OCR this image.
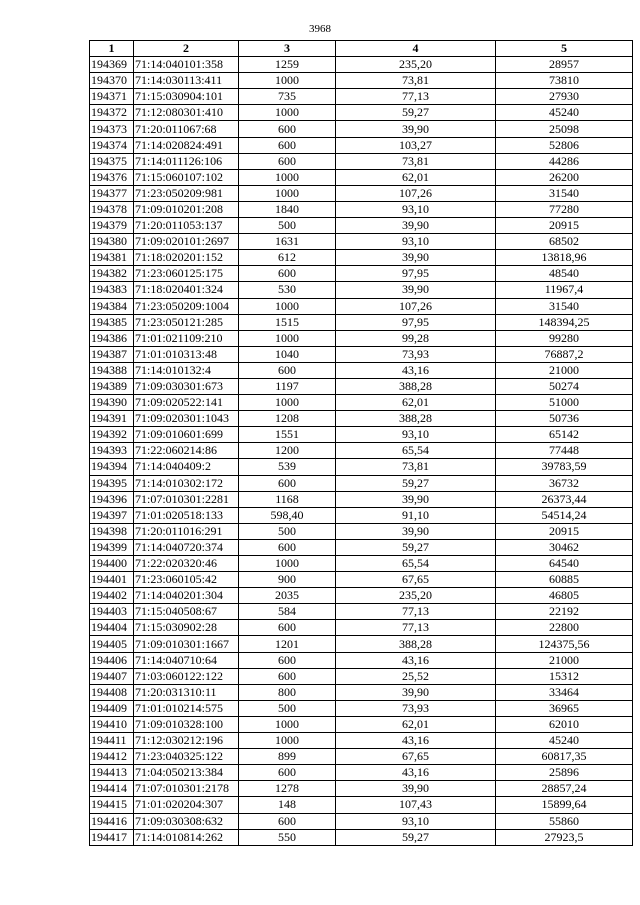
3968
1	2	3	4	5
194369	71:14:040101:358	1259	235,20	28957
194370	71:14:030113:411	1000	73,81	73810
194371	71:15:030904:101	735	77,13	27930
194372	71:12:080301:410	1000	59,27	45240
194373	71:20:011067:68	600	39,90	25098
194374	71:14:020824:491	600	103,27	52806
194375	71:14:011126:106	600	73,81	44286
194376	71:15:060107:102	1000	62,01	26200
194377	71:23:050209:981	1000	107,26	31540
194378	71:09:010201:208	1840	93,10	77280
194379	71:20:011053:137	500	39,90	20915
194380	71:09:020101:2697	1631	93,10	68502
194381	71:18:020201:152	612	39,90	13818,96
194382	71:23:060125:175	600	97,95	48540
194383	71:18:020401:324	530	39,90	11967,4
194384	71:23:050209:1004	1000	107,26	31540
194385	71:23:050121:285	1515	97,95	148394,25
194386	71:01:021109:210	1000	99,28	99280
194387	71:01:010313:48	1040	73,93	76887,2
194388	71:14:010132:4	600	43,16	21000
194389	71:09:030301:673	1197	388,28	50274
194390	71:09:020522:141	1000	62,01	51000
194391	71:09:020301:1043	1208	388,28	50736
194392	71:09:010601:699	1551	93,10	65142
194393	71:22:060214:86	1200	65,54	77448
194394	71:14:040409:2	539	73,81	39783,59
194395	71:14:010302:172	600	59,27	36732
194396	71:07:010301:2281	1168	39,90	26373,44
194397	71:01:020518:133	598,40	91,10	54514,24
194398	71:20:011016:291	500	39,90	20915
194399	71:14:040720:374	600	59,27	30462
194400	71:22:020320:46	1000	65,54	64540
194401	71:23:060105:42	900	67,65	60885
194402	71:14:040201:304	2035	235,20	46805
194403	71:15:040508:67	584	77,13	22192
194404	71:15:030902:28	600	77,13	22800
194405	71:09:010301:1667	1201	388,28	124375,56
194406	71:14:040710:64	600	43,16	21000
194407	71:03:060122:122	600	25,52	15312
194408	71:20:031310:11	800	39,90	33464
194409	71:01:010214:575	500	73,93	36965
194410	71:09:010328:100	1000	62,01	62010
194411	71:12:030212:196	1000	43,16	45240
194412	71:23:040325:122	899	67,65	60817,35
194413	71:04:050213:384	600	43,16	25896
194414	71:07:010301:2178	1278	39,90	28857,24
194415	71:01:020204:307	148	107,43	15899,64
194416	71:09:030308:632	600	93,10	55860
194417	71:14:010814:262	550	59,27	27923,5
